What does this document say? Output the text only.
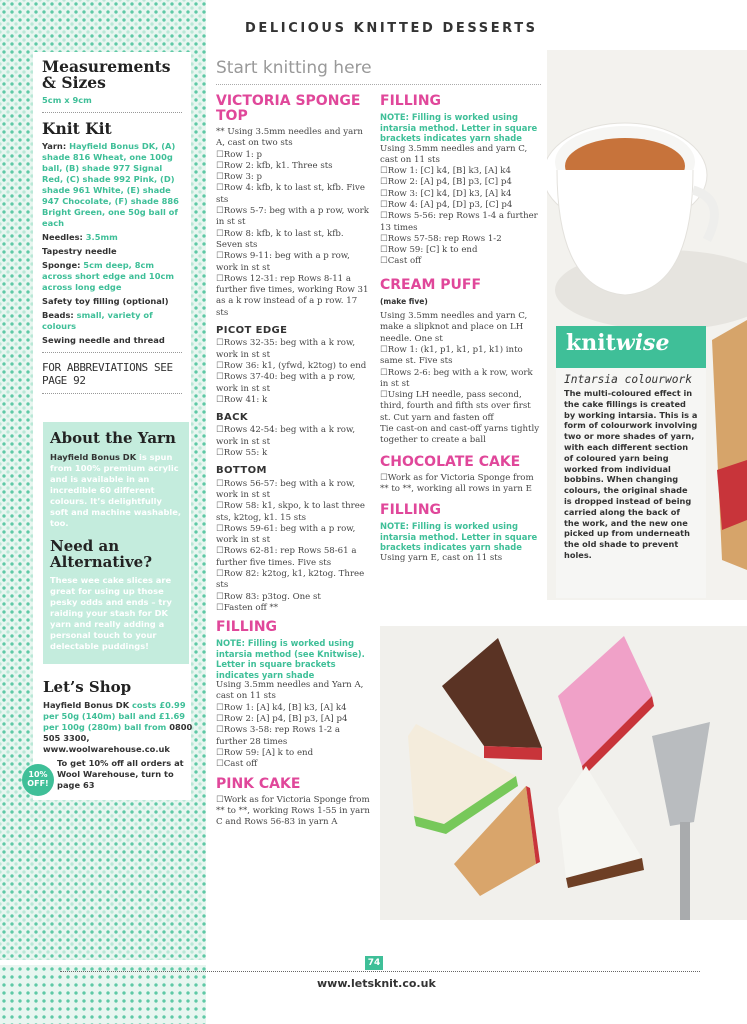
DELICIOUS KNITTED DESSERTS

Measurements & Sizes

5cm x 9cm

Knit Kit

Yarn: Hayfield Bonus DK, (A) shade 816 Wheat, one 100g ball, (B) shade 977 Signal Red, (C) shade 992 Pink, (D) shade 961 White, (E) shade 947 Chocolate, (F) shade 886 Bright Green, one 50g ball of each
Needles: 3.5mm
Tapestry needle
Sponge: 5cm deep, 8cm across short edge and 10cm across long edge
Safety toy filling (optional)
Beads: small, variety of colours
Sewing needle and thread
FOR ABBREVIATIONS SEE PAGE 92
About the Yarn
Hayfield Bonus DK is spun from 100% premium acrylic and is available in an incredible 60 different colours. It’s delightfully soft and machine washable, too.
Need an Alternative?
These wee cake slices are great for using up those pesky odds and ends – try raiding your stash for DK yarn and really adding a personal touch to your delectable puddings!
Let’s Shop
Hayfield Bonus DK costs £0.99 per 50g (140m) ball and £1.69 per 100g (280m) ball from 0800 505 3300, www.woolwarehouse.co.uk
To get 10% off all orders at Wool Warehouse, turn to page 63
10% OFF!
Start knitting here

VICTORIA SPONGE TOP

** Using 3.5mm needles and yarn A, cast on two sts

☐ Row 1: p

☐ Row 2: kfb, k1. Three sts

☐ Row 3: p

☐ Row 4: kfb, k to last st, kfb. Five sts

☐ Rows 5-7: beg with a p row, work in st st

☐ Row 8: kfb, k to last st, kfb. Seven sts

☐ Rows 9-11: beg with a p row, work in st st

☐ Rows 12-31: rep Rows 8-11 a further five times, working Row 31 as a k row instead of a p row. 17 sts

PICOT EDGE

☐ Rows 32-35: beg with a k row, work in st st

☐ Row 36: k1, (yfwd, k2tog) to end

☐ Rows 37-40: beg with a p row, work in st st

☐ Row 41: k

BACK

☐ Rows 42-54: beg with a k row, work in st st

☐ Row 55: k

BOTTOM

☐ Rows 56-57: beg with a k row, work in st st

☐ Row 58: k1, skpo, k to last three sts, k2tog, k1. 15 sts

☐ Rows 59-61: beg with a p row, work in st st

☐ Rows 62-81: rep Rows 58-61 a further five times. Five sts

☐ Row 82: k2tog, k1, k2tog. Three sts

☐ Row 83: p3tog. One st

☐ Fasten off **

FILLING

NOTE: Filling is worked using intarsia method (see Knitwise). Letter in square brackets indicates yarn shade

Using 3.5mm needles and Yarn A, cast on 11 sts

☐ Row 1: [A] k4, [B] k3, [A] k4

☐ Row 2: [A] p4, [B] p3, [A] p4

☐ Rows 3-58: rep Rows 1-2 a further 28 times

☐ Row 59: [A] k to end

☐ Cast off

PINK CAKE

☐ Work as for Victoria Sponge from ** to **, working Rows 1-55 in yarn C and Rows 56-83 in yarn A

FILLING

NOTE: Filling is worked using intarsia method. Letter in square brackets indicates yarn shade

Using 3.5mm needles and yarn C, cast on 11 sts

☐ Row 1: [C] k4, [B] k3, [A] k4

☐ Row 2: [A] p4, [B] p3, [C] p4

☐ Row 3: [C] k4, [D] k3, [A] k4

☐ Row 4: [A] p4, [D] p3, [C] p4

☐ Rows 5-56: rep Rows 1-4 a further 13 times

☐ Rows 57-58: rep Rows 1-2

☐ Row 59: [C] k to end

☐ Cast off

CREAM PUFF

(make five)

Using 3.5mm needles and yarn C, make a slipknot and place on LH needle. One st

☐ Row 1: (k1, p1, k1, p1, k1) into same st. Five sts

☐ Rows 2-6: beg with a k row, work in st st

☐ Using LH needle, pass second, third, fourth and fifth sts over first st. Cut yarn and fasten off

Tie cast-on and cast-off yarns tightly together to create a ball

CHOCOLATE CAKE

☐ Work as for Victoria Sponge from ** to **, working all rows in yarn E

FILLING

NOTE: Filling is worked using intarsia method. Letter in square brackets indicates yarn shade

Using yarn E, cast on 11 sts

knitwise
Intarsia colourwork
The multi-coloured effect in the cake fillings is created by working intarsia. This is a form of colourwork involving two or more shades of yarn, with each different section of coloured yarn being worked from individual bobbins. When changing colours, the original shade is dropped instead of being carried along the back of the work, and the new one picked up from underneath the old shade to prevent holes.
74
www.letsknit.co.uk
